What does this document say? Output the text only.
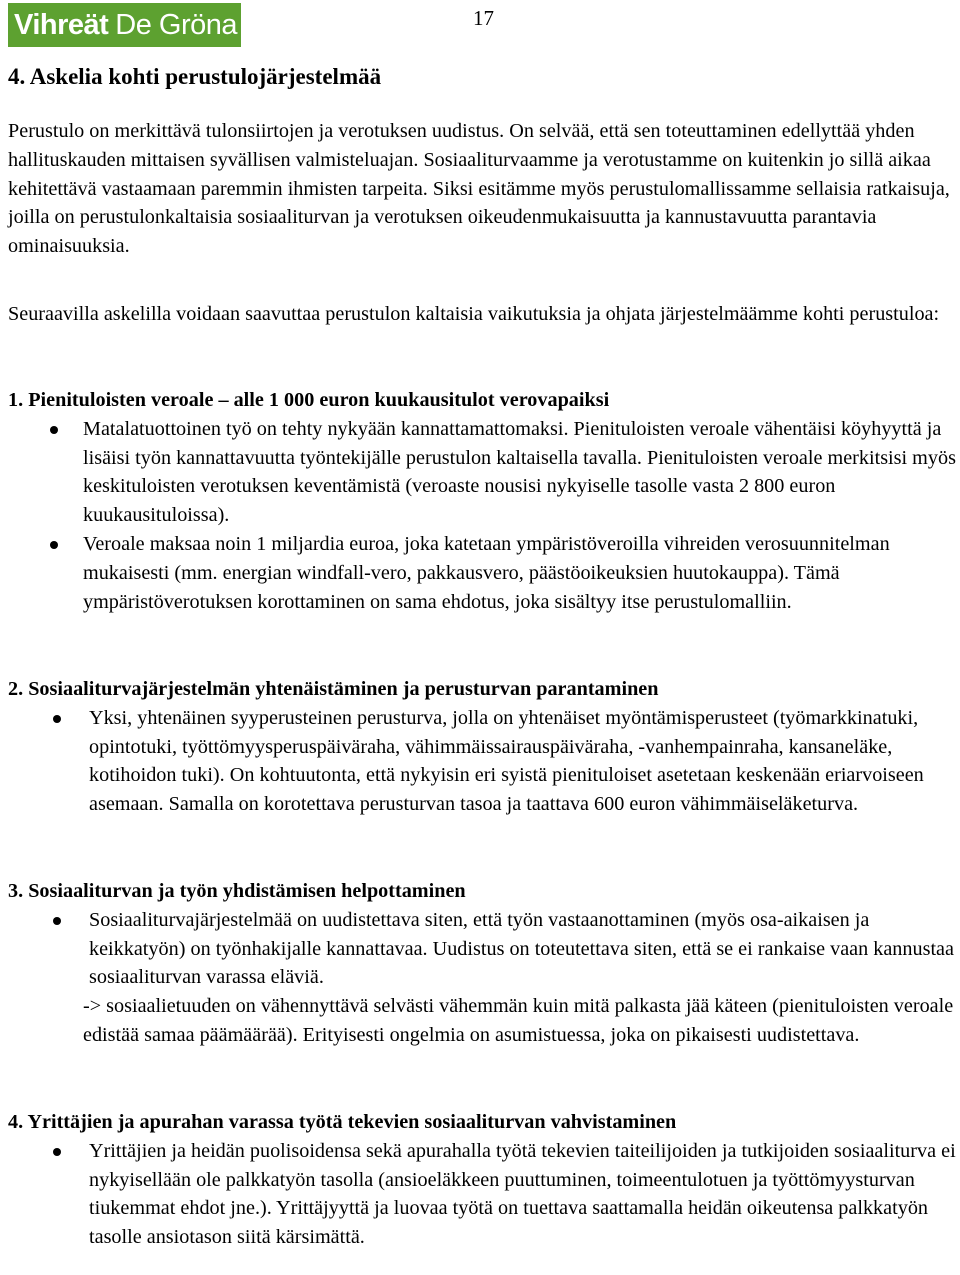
Vihreät De Gröna	17
4. Askelia kohti perustulojärjestelmää

Perustulo on merkittävä tulonsiirtojen ja verotuksen uudistus. On selvää, että sen toteuttaminen edellyttää yhden hallituskauden mittaisen syvällisen valmisteluajan. Sosiaaliturvaamme ja verotustamme on kuitenkin jo sillä aikaa kehitettävä vastaamaan paremmin ihmisten tarpeita. Siksi esitämme myös perustulomallissamme sellaisia ratkaisuja, joilla on perustulonkaltaisia sosiaaliturvan ja verotuksen oikeudenmukaisuutta ja kannustavuutta parantavia ominaisuuksia.

Seuraavilla askelilla voidaan saavuttaa perustulon kaltaisia vaikutuksia ja ohjata järjestelmäämme kohti perustuloa:

1. Pienituloisten veroale – alle 1 000 euron kuukausitulot verovapaiksi
Matalatuottoinen työ on tehty nykyään kannattamattomaksi. Pienituloisten veroale vähentäisi köyhyyttä ja lisäisi työn kannattavuutta työntekijälle perustulon kaltaisella tavalla. Pienituloisten veroale merkitsisi myös keskituloisten verotuksen keventämistä (veroaste nousisi nykyiselle tasolle vasta 2 800 euron kuukausituloissa).
Veroale maksaa noin 1 miljardia euroa, joka katetaan ympäristöveroilla vihreiden verosuunnitelman mukaisesti (mm. energian windfall-vero, pakkausvero, päästöoikeuksien huutokauppa). Tämä ympäristöverotuksen korottaminen on sama ehdotus, joka sisältyy itse perustulomalliin.
2. Sosiaaliturvajärjestelmän yhtenäistäminen ja perusturvan parantaminen
Yksi, yhtenäinen syyperusteinen perusturva, jolla on yhtenäiset myöntämisperusteet (työmarkkinatuki, opintotuki, työttömyysperuspäiväraha, vähimmäissairauspäiväraha, -vanhempainraha, kansaneläke, kotihoidon tuki). On kohtuutonta, että nykyisin eri syistä pienituloiset asetetaan keskenään eriarvoiseen asemaan. Samalla on korotettava perusturvan tasoa ja taattava 600 euron vähimmäiseläketurva.
3. Sosiaaliturvan ja työn yhdistämisen helpottaminen
Sosiaaliturvajärjestelmää on uudistettava siten, että työn vastaanottaminen (myös osa-aikaisen ja keikkatyön) on työnhakijalle kannattavaa. Uudistus on toteutettava siten, että se ei rankaise vaan kannustaa sosiaaliturvan varassa eläviä.
-> sosiaalietuuden on vähennyttävä selvästi vähemmän kuin mitä palkasta jää käteen (pienituloisten veroale edistää samaa päämäärää). Erityisesti ongelmia on asumistuessa, joka on pikaisesti uudistettava.
4. Yrittäjien ja apurahan varassa työtä tekevien sosiaaliturvan vahvistaminen
Yrittäjien ja heidän puolisoidensa sekä apurahalla työtä tekevien taiteilijoiden ja tutkijoiden sosiaaliturva ei nykyisellään ole palkkatyön tasolla (ansioeläkkeen puuttuminen, toimeentulotuen ja työttömyysturvan tiukemmat ehdot jne.). Yrittäjyyttä ja luovaa työtä on tuettava saattamalla heidän oikeutensa palkkatyön tasolle ansiotason siitä kärsimättä.
